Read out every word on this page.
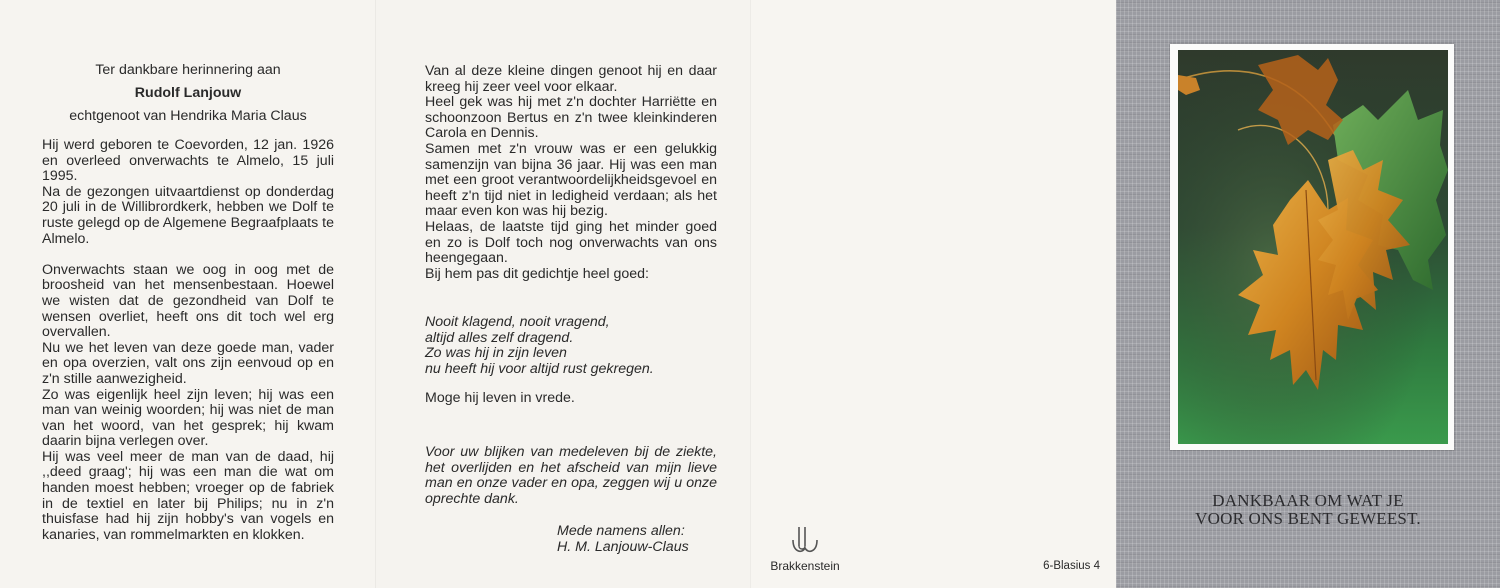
Ter dankbare herinnering aan
Rudolf Lanjouw
echtgenoot van Hendrika Maria Claus

Hij werd geboren te Coevorden, 12 jan. 1926 en overleed onverwachts te Almelo, 15 juli 1995.

Na de gezongen uitvaartdienst op donderdag 20 juli in de Willibrordkerk, hebben we Dolf te ruste gelegd op de Algemene Begraafplaats te Almelo.

Onverwachts staan we oog in oog met de broosheid van het mensenbestaan. Hoewel we wisten dat de gezondheid van Dolf te wensen overliet, heeft ons dit toch wel erg overvallen.

Nu we het leven van deze goede man, vader en opa overzien, valt ons zijn eenvoud op en z'n stille aanwezigheid.

Zo was eigenlijk heel zijn leven; hij was een man van weinig woorden; hij was niet de man van het woord, van het gesprek; hij kwam daarin bijna verlegen over.

Hij was veel meer de man van de daad, hij ,,deed graag'; hij was een man die wat om handen moest hebben; vroeger op de fabriek in de textiel en later bij Philips; nu in z'n thuisfase had hij zijn hobby's van vogels en kanaries, van rommelmarkten en klokken.

Van al deze kleine dingen genoot hij en daar kreeg hij zeer veel voor elkaar.

Heel gek was hij met z'n dochter Harriëtte en schoonzoon Bertus en z'n twee kleinkinderen Carola en Dennis.

Samen met z'n vrouw was er een gelukkig samenzijn van bijna 36 jaar. Hij was een man met een groot verantwoordelijkheidsgevoel en heeft z'n tijd niet in ledigheid verdaan; als het maar even kon was hij bezig.

Helaas, de laatste tijd ging het minder goed en zo is Dolf toch nog onverwachts van ons heengegaan.

Bij hem pas dit gedichtje heel goed:

Nooit klagend, nooit vragend,
altijd alles zelf dragend.
Zo was hij in zijn leven
nu heeft hij voor altijd rust gekregen.
Moge hij leven in vrede.
Voor uw blijken van medeleven bij de ziekte, het overlijden en het afscheid van mijn lieve man en onze vader en opa, zeggen wij u onze oprechte dank.
Mede namens allen:
H. M. Lanjouw-Claus
Brakkenstein	6-Blasius 4
DANKBAAR OM WAT JE
VOOR ONS BENT GEWEEST.
